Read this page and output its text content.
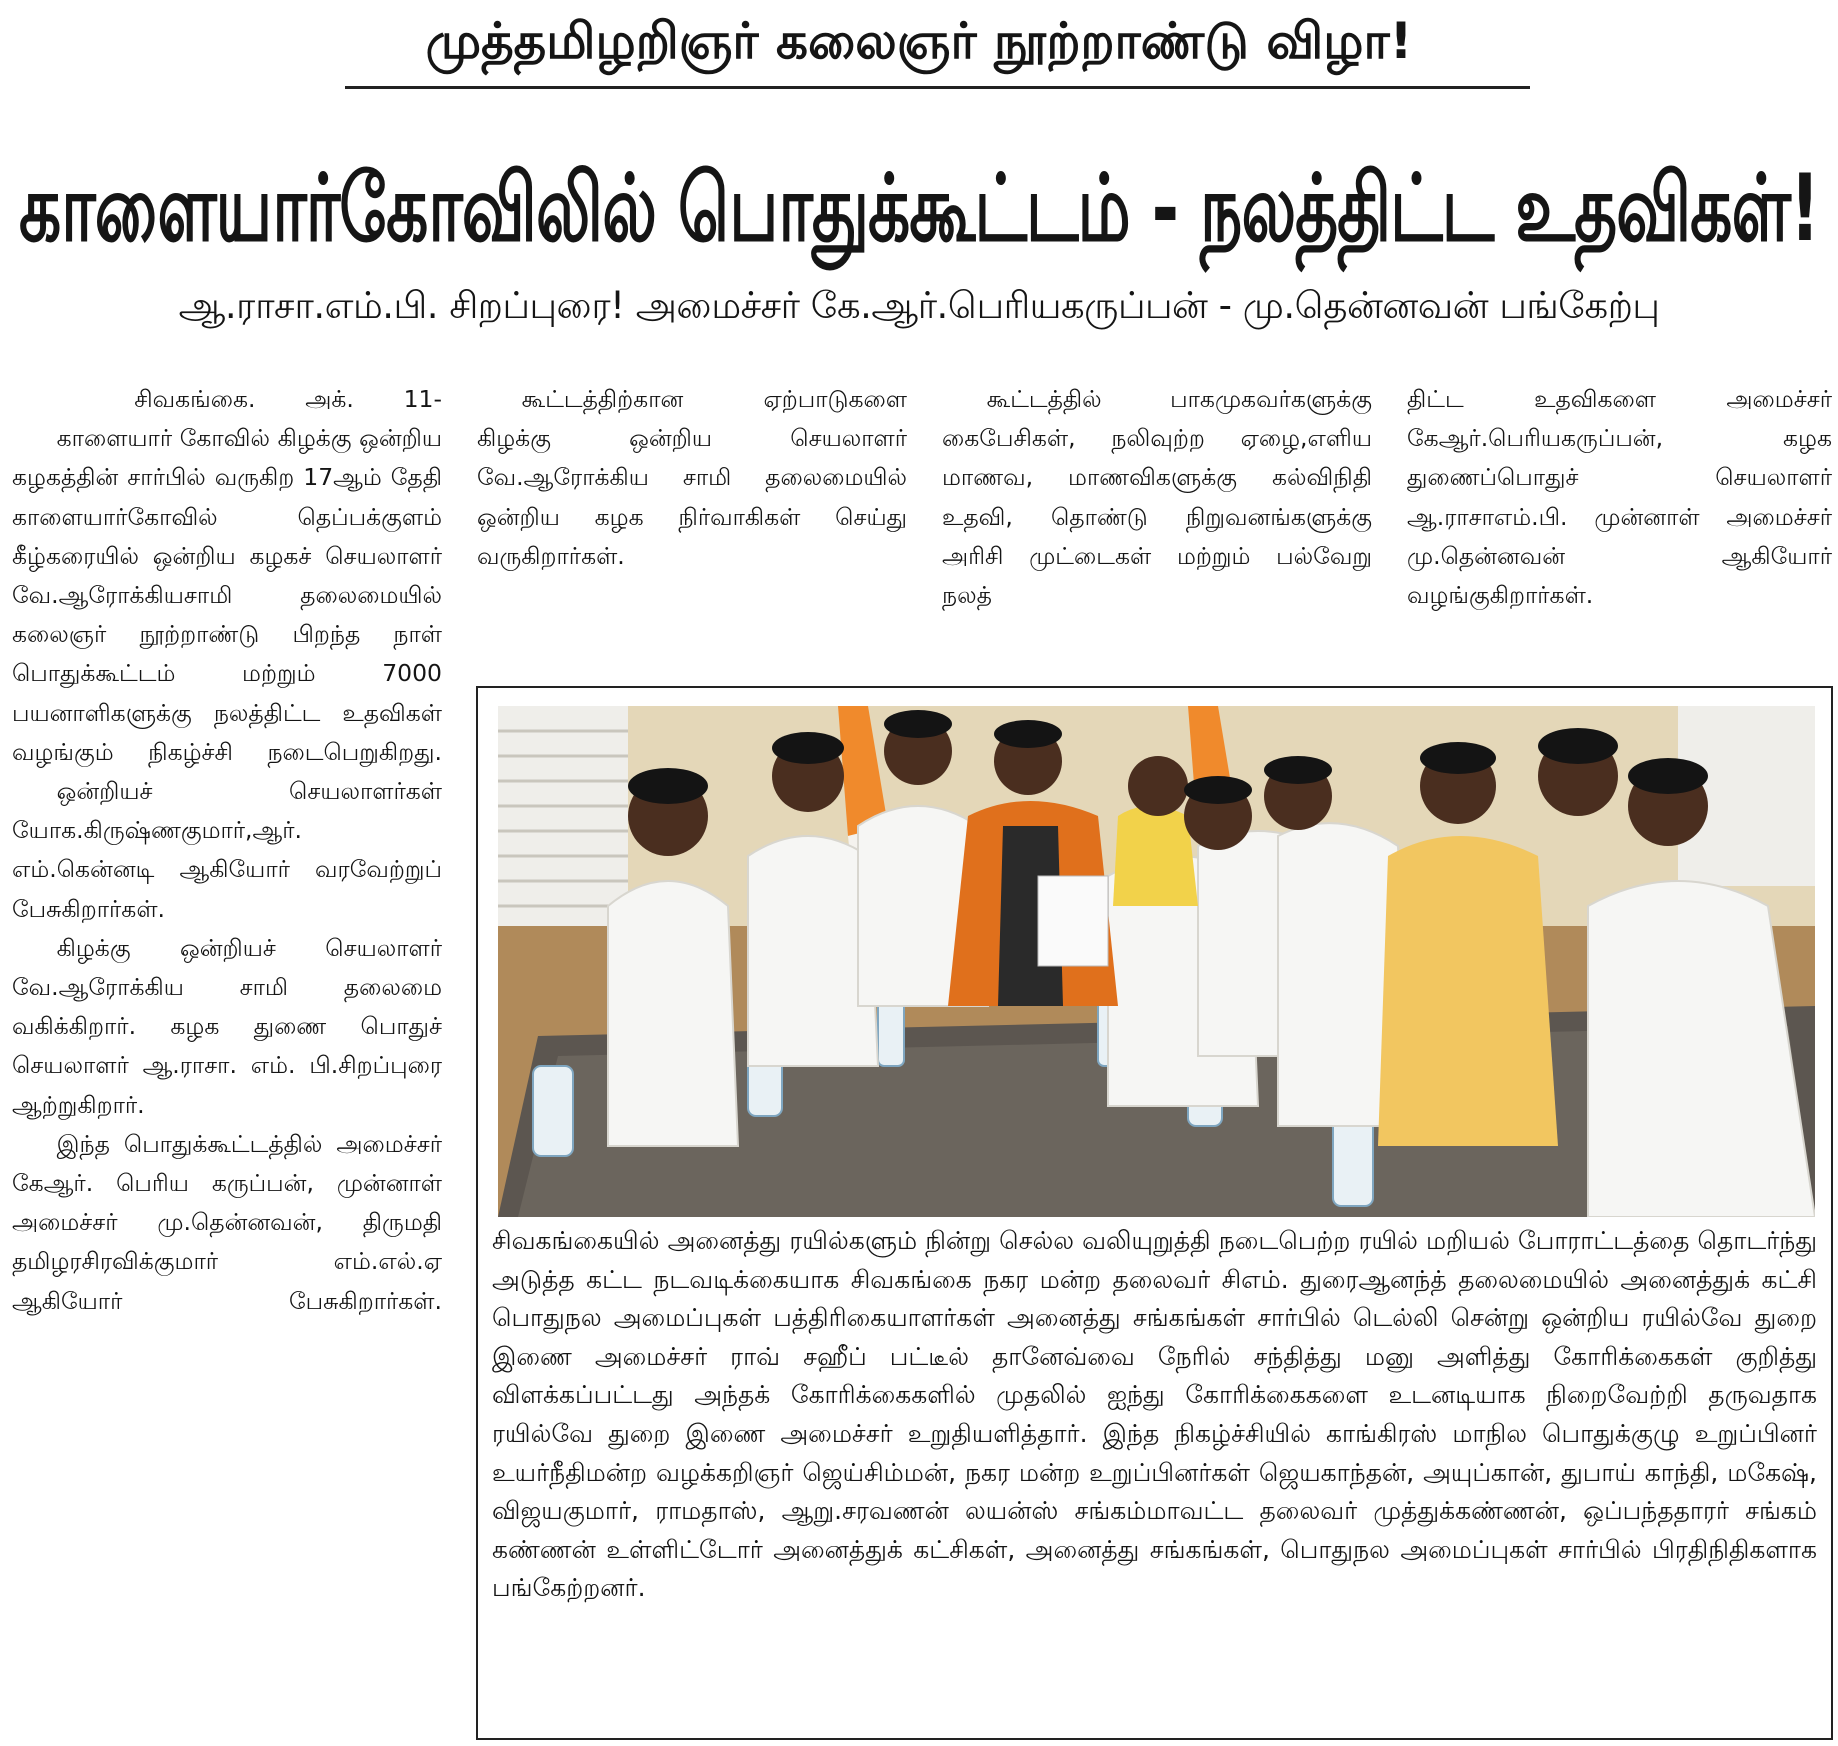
முத்தமிழறிஞர் கலைஞர் நூற்றாண்டு விழா!
காளையார்கோவிலில் பொதுக்கூட்டம் - நலத்திட்ட உதவிகள்!
ஆ.ராசா.எம்.பி. சிறப்புரை! அமைச்சர் கே.ஆர்.பெரியகருப்பன் - மு.தென்னவன் பங்கேற்பு

சிவகங்கை. அக். 11-

காளையார் கோவில் கிழக்கு ஒன்றிய கழகத்தின் சார்பில் வருகிற 17ஆம் தேதி காளையார்கோவில் தெப்பக்குளம் கீழ்கரையில் ஒன்றிய கழகச் செயலாளர் வே.ஆரோக்கியசாமி தலைமையில் கலைஞர் நூற்றாண்டு பிறந்த நாள் பொதுக்கூட்டம் மற்றும் 7000 பயனாளிகளுக்கு நலத்திட்ட உதவிகள் வழங்கும் நிகழ்ச்சி நடைபெறுகிறது.

ஒன்றியச் செயலாளர்கள் யோக.கிருஷ்ணகுமார்,ஆர். எம்.கென்னடி ஆகியோர் வரவேற்றுப் பேசுகிறார்கள்.

கிழக்கு ஒன்றியச் செயலாளர் வே.ஆரோக்கிய சாமி தலைமை வகிக்கிறார். கழக துணை பொதுச் செயலாளர் ஆ.ராசா. எம். பி.சிறப்புரை ஆற்றுகிறார்.

இந்த பொதுக்கூட்டத்தில் அமைச்சர் கேஆர். பெரிய கருப்பன், முன்னாள் அமைச்சர் மு.தென்னவன், திருமதி தமிழரசிரவிக்குமார் எம்.எல்.ஏ ஆகியோர் பேசுகிறார்கள்.

கூட்டத்திற்கான ஏற்பாடுகளை கிழக்கு ஒன்றிய செயலாளர் வே.ஆரோக்கிய சாமி தலைமையில் ஒன்றிய கழக நிர்வாகிகள் செய்து வருகிறார்கள்.

கூட்டத்தில் பாகமுகவர்களுக்கு கைபேசிகள், நலிவுற்ற ஏழை,எளிய மாணவ, மாணவிகளுக்கு கல்விநிதி உதவி, தொண்டு நிறுவனங்களுக்கு அரிசி முட்டைகள் மற்றும் பல்வேறு நலத்

திட்ட உதவிகளை அமைச்சர் கேஆர்.பெரியகருப்பன், கழக துணைப்பொதுச் செயலாளர் ஆ.ராசாஎம்.பி. முன்னாள் அமைச்சர் மு.தென்னவன் ஆகியோர் வழங்குகிறார்கள்.

சிவகங்கையில் அனைத்து ரயில்களும் நின்று செல்ல வலியுறுத்தி நடைபெற்ற ரயில் மறியல் போராட்டத்தை தொடர்ந்து அடுத்த கட்ட நடவடிக்கையாக சிவகங்கை நகர மன்ற தலைவர் சிஎம். துரைஆனந்த் தலைமையில் அனைத்துக் கட்சி பொதுநல அமைப்புகள் பத்திரிகையாளர்கள் அனைத்து சங்கங்கள் சார்பில் டெல்லி சென்று ஒன்றிய ரயில்வே துறை இணை அமைச்சர் ராவ் சஹீப் பட்டீல் தானேவ்வை நேரில் சந்தித்து மனு அளித்து கோரிக்கைகள் குறித்து விளக்கப்பட்டது அந்தக் கோரிக்கைகளில் முதலில் ஐந்து கோரிக்கைகளை உடனடியாக நிறைவேற்றி தருவதாக ரயில்வே துறை இணை அமைச்சர் உறுதியளித்தார். இந்த நிகழ்ச்சியில் காங்கிரஸ் மாநில பொதுக்குழு உறுப்பினர் உயர்நீதிமன்ற வழக்கறிஞர் ஜெய்சிம்மன், நகர மன்ற உறுப்பினர்கள் ஜெயகாந்தன், அயுப்கான், துபாய் காந்தி, மகேஷ், விஜயகுமார், ராமதாஸ், ஆறு.சரவணன் லயன்ஸ் சங்கம்மாவட்ட தலைவர் முத்துக்கண்ணன், ஒப்பந்ததாரர் சங்கம் கண்ணன் உள்ளிட்டோர் அனைத்துக் கட்சிகள், அனைத்து சங்கங்கள், பொதுநல அமைப்புகள் சார்பில் பிரதிநிதிகளாக பங்கேற்றனர்.
